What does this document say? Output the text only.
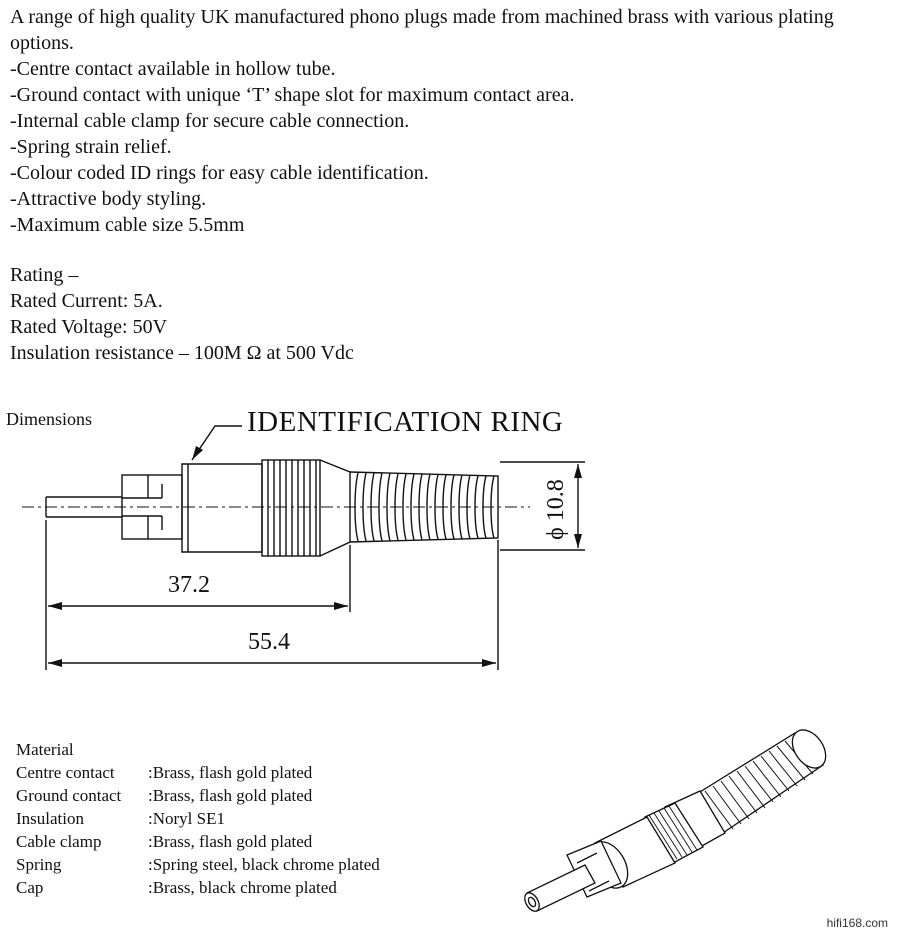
A range of high quality UK manufactured phono plugs made from machined brass with various plating options.

-Centre contact available in hollow tube.

-Ground contact with unique ‘T’ shape slot for maximum contact area.

-Internal cable clamp for secure cable connection.

-Spring strain relief.

-Colour coded ID rings for easy cable identification.

-Attractive body styling.

-Maximum cable size 5.5mm

Rating –

Rated Current: 5A.

Rated Voltage: 50V

Insulation resistance – 100M Ω at 500 Vdc

Dimensions	IDENTIFICATION RING
37.2
55.4
ϕ 10.8
Material
Centre contact	:Brass, flash gold plated
Ground contact	:Brass, flash gold plated
Insulation	:Noryl SE1
Cable clamp	:Brass, flash gold plated
Spring	:Spring steel, black chrome plated
Cap	:Brass, black chrome plated
hifi168.com
